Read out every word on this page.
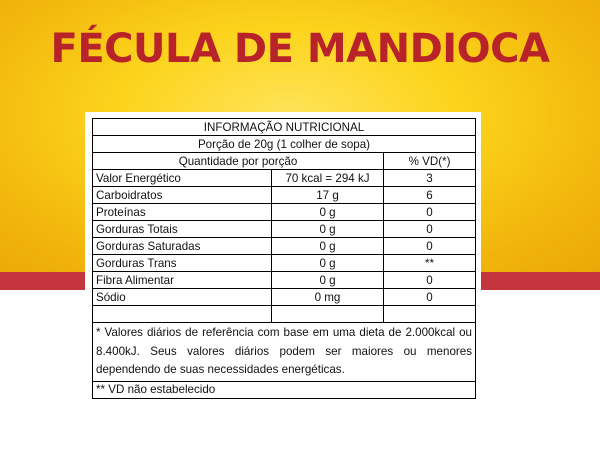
FÉCULA DE MANDIOCA
INFORMAÇÃO NUTRICIONAL		
Porção de 20g (1 colher de sopa)		
Quantidade por porção		% VD(*)
Valor Energético	70 kcal = 294 kJ	3
Carboidratos	17 g	6
Proteínas	0 g	0
Gorduras Totais	0 g	0
Gorduras Saturadas	0 g	0
Gorduras Trans	0 g	**
Fibra Alimentar	0 g	0
Sódio	0 mg	0

* Valores diários de referência com base em uma dieta de 2.000kcal ou 8.400kJ. Seus valores diários podem ser maiores ou menores dependendo de suas necessidades energéticas.		
** VD não estabelecido		
